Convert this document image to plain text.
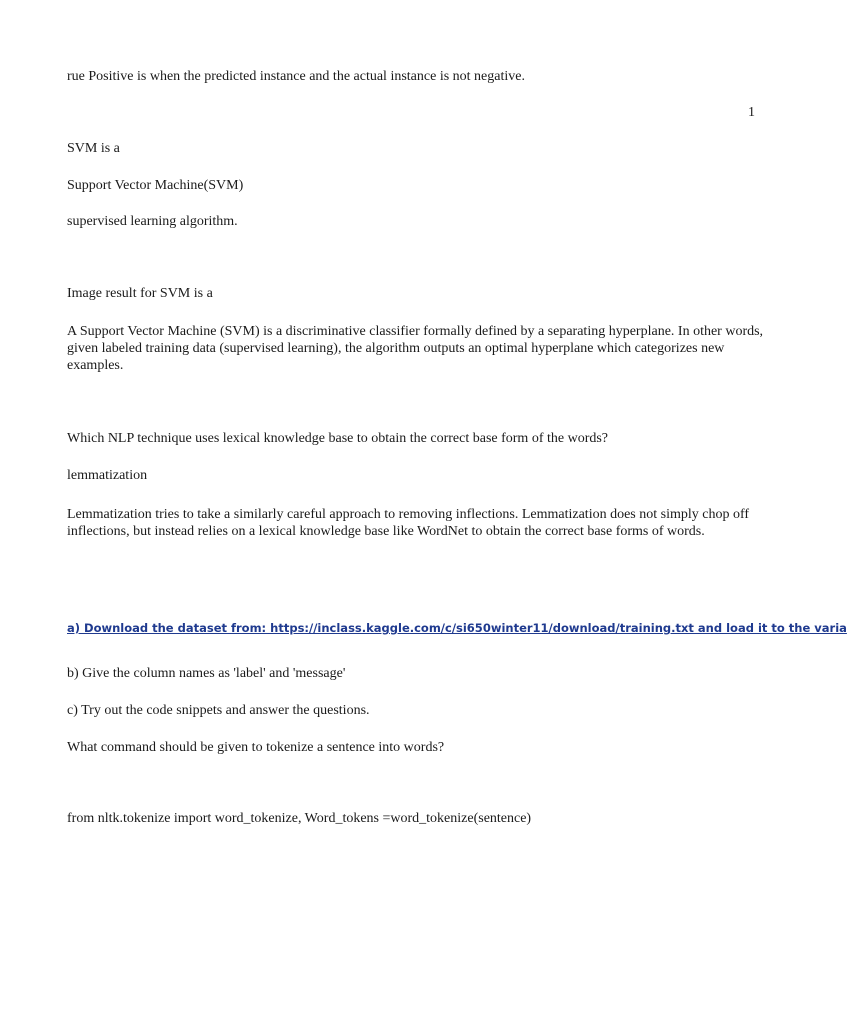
rue Positive is when the predicted instance and the actual instance is not negative.
1
SVM is a
Support Vector Machine(SVM)
supervised learning algorithm.
Image result for SVM is a
A Support Vector Machine (SVM) is a discriminative classifier formally defined by a separating hyperplane. In other words, given labeled training data (supervised learning), the algorithm outputs an optimal hyperplane which categorizes new examples.
Which NLP technique uses lexical knowledge base to obtain the correct base form of the words?
lemmatization
Lemmatization tries to take a similarly careful approach to removing inflections. Lemmatization does not simply chop off inflections, but instead relies on a lexical knowledge base like WordNet to obtain the correct base forms of words.
a) Download the dataset from: https://inclass.kaggle.com/c/si650winter11/download/training.txt and load it to the varia
b) Give the column names as 'label' and 'message'
c) Try out the code snippets and answer the questions.
What command should be given to tokenize a sentence into words?
from nltk.tokenize import word_tokenize, Word_tokens =word_tokenize(sentence)
